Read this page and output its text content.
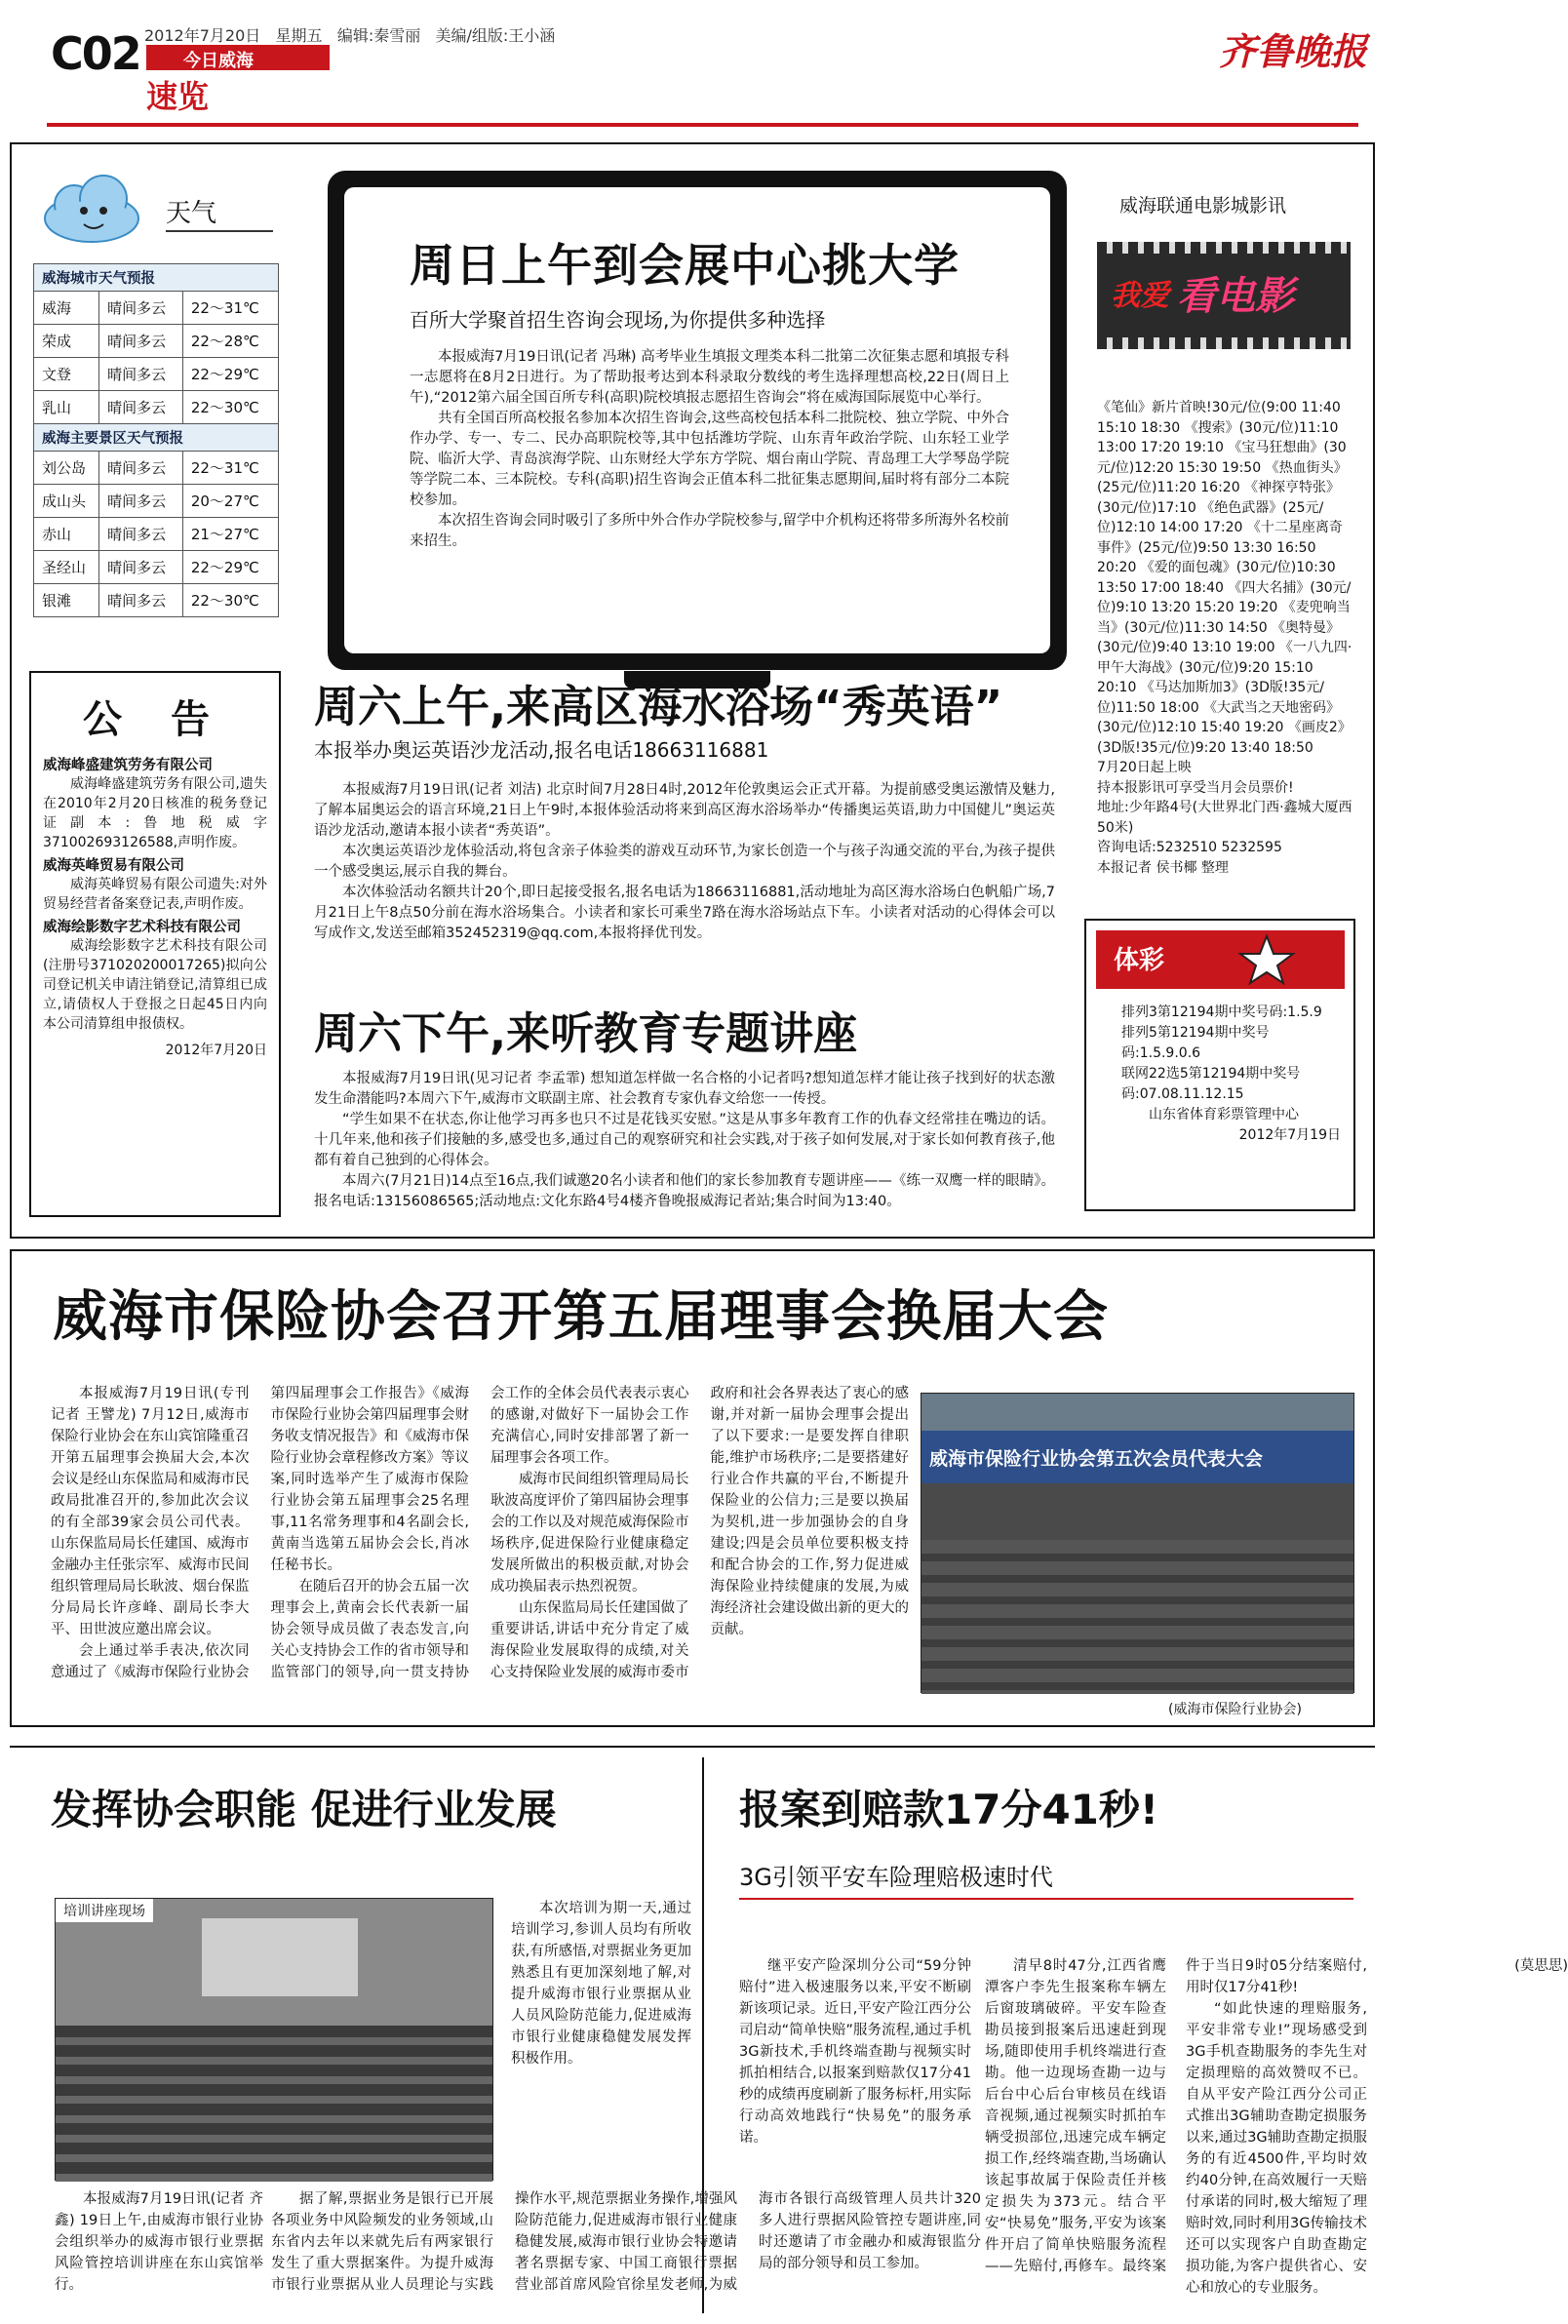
C02 2012年7月20日 星期五 编辑:秦雪丽 美编/组版:王小涵
今日威海
速览
齐鲁晚报
天气
威海城市天气预报		
威海	晴间多云	22～31℃
荣成	晴间多云	22～28℃
文登	晴间多云	22～29℃
乳山	晴间多云	22～30℃
威海主要景区天气预报		
刘公岛	晴间多云	22～31℃
成山头	晴间多云	20～27℃
赤山	晴间多云	21～27℃
圣经山	晴间多云	22～29℃
银滩	晴间多云	22～30℃
公 告
威海峰盛建筑劳务有限公司
威海峰盛建筑劳务有限公司,遗失在2010年2月20日核准的税务登记证副本:鲁地税威字371002693126588,声明作废。
威海英峰贸易有限公司
威海英峰贸易有限公司遗失:对外贸易经营者备案登记表,声明作废。
威海绘影数字艺术科技有限公司
威海绘影数字艺术科技有限公司(注册号371020200017265)拟向公司登记机关申请注销登记,清算组已成立,请债权人于登报之日起45日内向本公司清算组申报债权。
2012年7月20日
周日上午到会展中心挑大学
百所大学聚首招生咨询会现场,为你提供多种选择

本报威海7月19日讯(记者 冯琳) 高考毕业生填报文理类本科二批第二次征集志愿和填报专科一志愿将在8月2日进行。为了帮助报考达到本科录取分数线的考生选择理想高校,22日(周日上午),“2012第六届全国百所专科(高职)院校填报志愿招生咨询会”将在威海国际展览中心举行。

共有全国百所高校报名参加本次招生咨询会,这些高校包括本科二批院校、独立学院、中外合作办学、专一、专二、民办高职院校等,其中包括潍坊学院、山东青年政治学院、山东轻工业学院、临沂大学、青岛滨海学院、山东财经大学东方学院、烟台南山学院、青岛理工大学琴岛学院等学院二本、三本院校。专科(高职)招生咨询会正值本科二批征集志愿期间,届时将有部分二本院校参加。

本次招生咨询会同时吸引了多所中外合作办学院校参与,留学中介机构还将带多所海外名校前来招生。

周六上午,来高区海水浴场“秀英语”
本报举办奥运英语沙龙活动,报名电话18663116881

本报威海7月19日讯(记者 刘洁) 北京时间7月28日4时,2012年伦敦奥运会正式开幕。为提前感受奥运激情及魅力,了解本届奥运会的语言环境,21日上午9时,本报体验活动将来到高区海水浴场举办“传播奥运英语,助力中国健儿”奥运英语沙龙活动,邀请本报小读者“秀英语”。

本次奥运英语沙龙体验活动,将包含亲子体验类的游戏互动环节,为家长创造一个与孩子沟通交流的平台,为孩子提供一个感受奥运,展示自我的舞台。

本次体验活动名额共计20个,即日起接受报名,报名电话为18663116881,活动地址为高区海水浴场白色帆船广场,7月21日上午8点50分前在海水浴场集合。小读者和家长可乘坐7路在海水浴场站点下车。小读者对活动的心得体会可以写成作文,发送至邮箱352452319@qq.com,本报将择优刊发。

周六下午,来听教育专题讲座

本报威海7月19日讯(见习记者 李孟霏) 想知道怎样做一名合格的小记者吗?想知道怎样才能让孩子找到好的状态激发生命潜能吗?本周六下午,威海市文联副主席、社会教育专家仇春文给您一一传授。

“学生如果不在状态,你让他学习再多也只不过是花钱买安慰。”这是从事多年教育工作的仇春文经常挂在嘴边的话。十几年来,他和孩子们接触的多,感受也多,通过自己的观察研究和社会实践,对于孩子如何发展,对于家长如何教育孩子,他都有着自己独到的心得体会。

本周六(7月21日)14点至16点,我们诚邀20名小读者和他们的家长参加教育专题讲座——《练一双鹰一样的眼睛》。报名电话:13156086565;活动地点:文化东路4号4楼齐鲁晚报威海记者站;集合时间为13:40。

威海联通电影城影讯
我爱 看电影
《笔仙》新片首映!30元/位(9:00 11:40 15:10 18:30 《搜索》(30元/位)11:10 13:00 17:20 19:10 《宝马狂想曲》(30元/位)12:20 15:30 19:50 《热血街头》(25元/位)11:20 16:20 《神探亨特张》(30元/位)17:10 《绝色武器》(25元/位)12:10 14:00 17:20 《十二星座离奇事件》(25元/位)9:50 13:30 16:50 20:20 《爱的面包魂》(30元/位)10:30 13:50 17:00 18:40 《四大名捕》(30元/位)9:10 13:20 15:20 19:20 《麦兜响当当》(30元/位)11:30 14:50 《奥特曼》(30元/位)9:40 13:10 19:00 《一八九四·甲午大海战》(30元/位)9:20 15:10 20:10 《马达加斯加3》(3D版!35元/位)11:50 18:00 《大武当之天地密码》(30元/位)12:10 15:40 19:20 《画皮2》(3D版!35元/位)9:20 13:40 18:50
7月20日起上映
持本报影讯可享受当月会员票价!
地址:少年路4号(大世界北门西·鑫城大厦西50米)
咨询电话:5232510 5232595
本报记者 侯书椰 整理
体彩
排列3第12194期中奖号码:1.5.9
排列5第12194期中奖号码:1.5.9.0.6
联网22选5第12194期中奖号码:07.08.11.12.15
山东省体育彩票管理中心
2012年7月19日
威海市保险协会召开第五届理事会换届大会

本报威海7月19日讯(专刊记者 王譬龙) 7月12日,威海市保险行业协会在东山宾馆隆重召开第五届理事会换届大会,本次会议是经山东保监局和威海市民政局批准召开的,参加此次会议的有全部39家会员公司代表。山东保监局局长任建国、威海市金融办主任张宗军、威海市民间组织管理局局长耿波、烟台保监分局局长许彦峰、副局长李大平、田世波应邀出席会议。

会上通过举手表决,依次同意通过了《威海市保险行业协会第四届理事会工作报告》《威海市保险行业协会第四届理事会财务收支情况报告》和《威海市保险行业协会章程修改方案》等议案,同时选举产生了威海市保险行业协会第五届理事会25名理事,11名常务理事和4名副会长,黄南当选第五届协会会长,肖冰任秘书长。

在随后召开的协会五届一次理事会上,黄南会长代表新一届协会领导成员做了表态发言,向关心支持协会工作的省市领导和监管部门的领导,向一贯支持协会工作的全体会员代表表示衷心的感谢,对做好下一届协会工作充满信心,同时安排部署了新一届理事会各项工作。

威海市民间组织管理局局长耿波高度评价了第四届协会理事会的工作以及对规范威海保险市场秩序,促进保险行业健康稳定发展所做出的积极贡献,对协会成功换届表示热烈祝贺。

山东保监局局长任建国做了重要讲话,讲话中充分肯定了威海保险业发展取得的成绩,对关心支持保险业发展的威海市委市政府和社会各界表达了衷心的感谢,并对新一届协会理事会提出了以下要求:一是要发挥自律职能,维护市场秩序;二是要搭建好行业合作共赢的平台,不断提升保险业的公信力;三是要以换届为契机,进一步加强协会的自身建设;四是会员单位要积极支持和配合协会的工作,努力促进威海保险业持续健康的发展,为威海经济社会建设做出新的更大的贡献。

威海市保险行业协会第五次会员代表大会
(威海市保险行业协会)
发挥协会职能 促进行业发展
培训讲座现场

本报威海7月19日讯(记者 齐鑫) 19日上午,由威海市银行业协会组织举办的威海市银行业票据风险管控培训讲座在东山宾馆举行。

据了解,票据业务是银行已开展各项业务中风险频发的业务领域,山东省内去年以来就先后有两家银行发生了重大票据案件。为提升威海市银行业票据从业人员理论与实践操作水平,规范票据业务操作,增强风险防范能力,促进威海市银行业健康稳健发展,威海市银行业协会特邀请著名票据专家、中国工商银行票据营业部首席风险官徐星发老师,为威海市各银行高级管理人员共计320多人进行票据风险管控专题讲座,同时还邀请了市金融办和威海银监分局的部分领导和员工参加。

本次培训为期一天,通过培训学习,参训人员均有所收获,有所感悟,对票据业务更加熟悉且有更加深刻地了解,对提升威海市银行业票据从业人员风险防范能力,促进威海市银行业健康稳健发展发挥积极作用。

报案到赔款17分41秒!
3G引领平安车险理赔极速时代

继平安产险深圳分公司“59分钟赔付”进入极速服务以来,平安不断刷新该项记录。近日,平安产险江西分公司启动“简单快赔”服务流程,通过手机3G新技术,手机终端查勘与视频实时抓拍相结合,以报案到赔款仅17分41秒的成绩再度刷新了服务标杆,用实际行动高效地践行“快易免”的服务承诺。

清早8时47分,江西省鹰潭客户李先生报案称车辆左后窗玻璃破碎。平安车险查勘员接到报案后迅速赶到现场,随即使用手机终端进行查勘。他一边现场查勘一边与后台中心后台审核员在线语音视频,通过视频实时抓拍车辆受损部位,迅速完成车辆定损工作,经终端查勘,当场确认该起事故属于保险责任并核定损失为373元。结合平安“快易免”服务,平安为该案件开启了简单快赔服务流程——先赔付,再修车。最终案件于当日9时05分结案赔付,用时仅17分41秒!

“如此快速的理赔服务,平安非常专业!”现场感受到3G手机查勘服务的李先生对定损理赔的高效赞叹不已。自从平安产险江西分公司正式推出3G辅助查勘定损服务以来,通过3G辅助查勘定损服务的有近4500件,平均时效约40分钟,在高效履行一天赔付承诺的同时,极大缩短了理赔时效,同时利用3G传输技术还可以实现客户自助查勘定损功能,为客户提供省心、安心和放心的专业服务。

(莫思思)
